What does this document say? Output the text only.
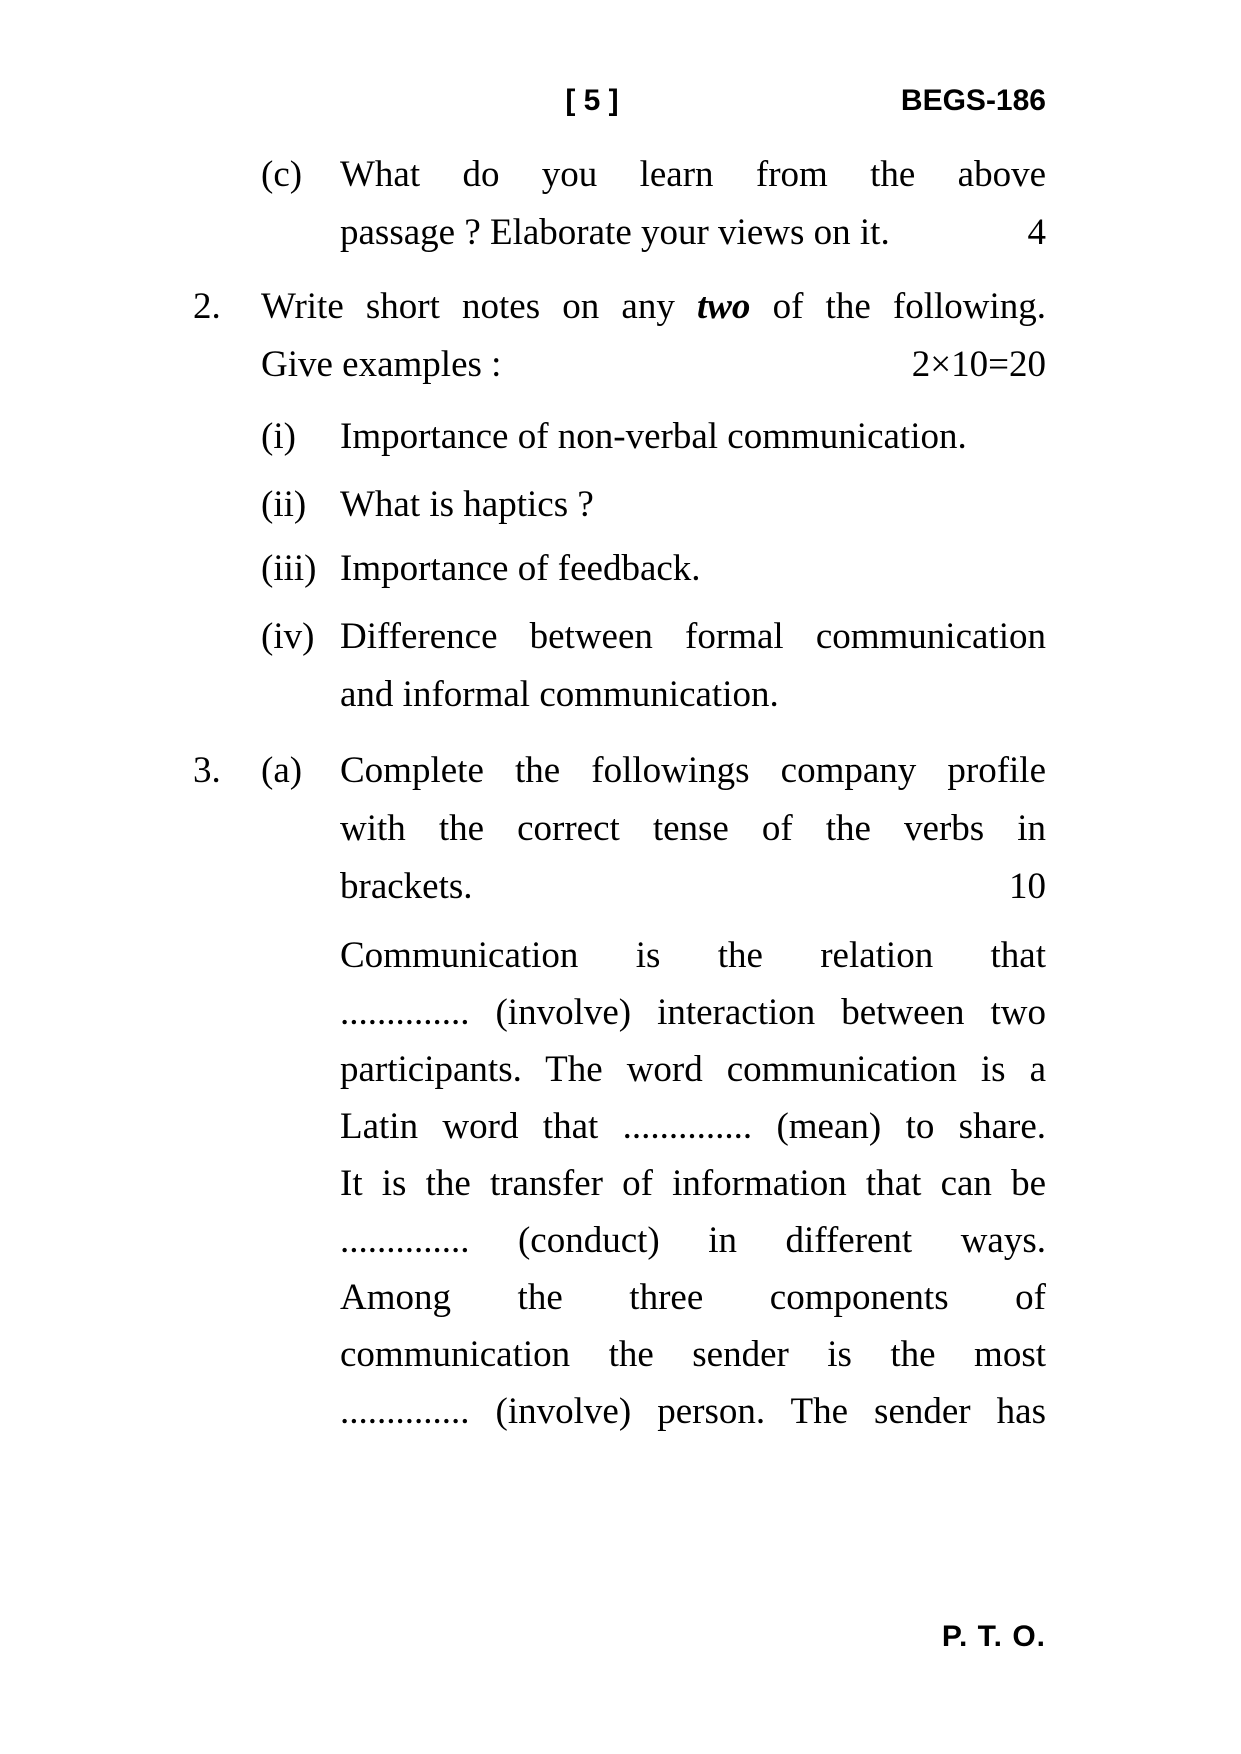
[ 5 ]	BEGS-186
(c)	What do you learn from the above
passage ? Elaborate your views on it.	4
2.	Write short notes on any two of the following.
Give examples :	2×10=20
(i)	Importance of non-verbal communication.
(ii) What is haptics ?
(iii) Importance of feedback.
(iv) Difference between formal communication
and informal communication.
3.	(a)	Complete the followings company profile
with the correct tense of the verbs in
brackets.	10
Communication is the relation that
.............. (involve) interaction between two
participants. The word communication is a
Latin word that .............. (mean) to share.
It is the transfer of information that can be
.............. (conduct) in different ways.
Among the three components of
communication the sender is the most
.............. (involve) person. The sender has
P. T. O.
